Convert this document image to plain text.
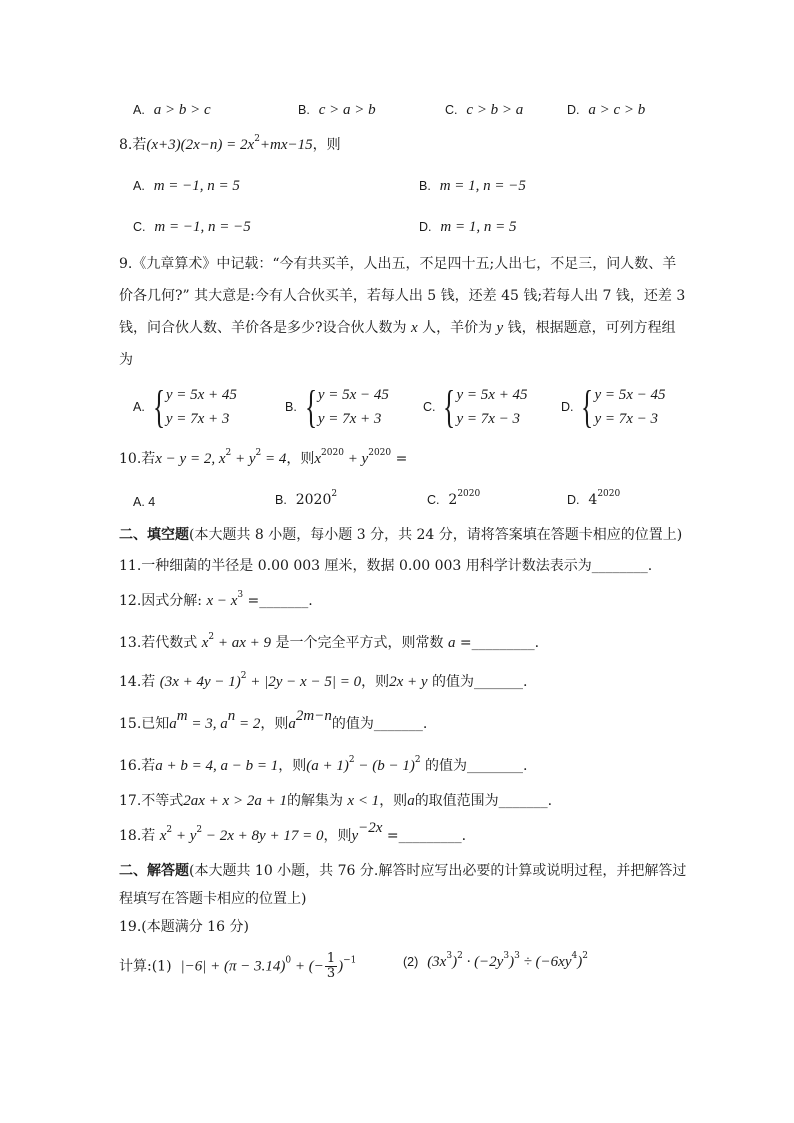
A. a > b > c	B. c > a > b	C. c > b > a	D. a > c > b
8.若$(x+3)(2x-n) = 2x^2+mx-15$，则
A. m = −1, n = 5	B. m = 1, n = −5
C. m = −1, n = −5	D. m = 1, n = 5
9.《九章算术》中记载：“今有共买羊，人出五，不足四十五;人出七，不足三，问人数、羊
价各几何?” 其大意是:今有人合伙买羊，若每人出 5 钱，还差 45 钱;若每人出 7 钱，还差 3
钱，问合伙人数、羊价各是多少?设合伙人数为 x 人，羊价为 y 钱，根据题意，可列方程组
为
A.
{ y = 5x + 45
y = 7x + 3
B.
{ y = 5x − 45
y = 7x + 3
C.
{ y = 5x + 45
y = 7x − 3
D.
{ y = 5x − 45
y = 7x − 3
10.若x − y = 2, $x^2 + y^2 = 4$，则$x^{2020} + y^{2020}$ =
A. 4	B. 2020$^2$	C. $2^{2020}$	D. $4^{2020}$
二、填空题(本大题共 8 小题，每小题 3 分，共 24 分，请将答案填在答题卡相应的位置上)
11.一种细菌的半径是 0.00 003 厘米，数据 0.00 003 用科学计数法表示为________.
12.因式分解: $x - x^3$ =_______.
13.若代数式 $x^2$ + ax + 9 是一个完全平方式，则常数 a =_________.
14.若 $(3x + 4y - 1)^2 + |2y - x - 5| = 0$，则2x + y 的值为_______.
15.已知$a^m = 3$, $a^n = 2$，则$a^{2m-n}$的值为_______.
16.若a + b = 4, a − b = 1，则$(a + 1)^2 - (b - 1)^2$ 的值为________.
17.不等式2ax + x > 2a + 1的解集为 x < 1，则a的取值范围为_______.
18.若 $x^2 + y^2 - 2x + 8y + 17 = 0$，则$y^{-2x}$ =_________.
二、解答题(本大题共 10 小题，共 76 分.解答时应写出必要的计算或说明过程，并把解答过
程填写在答题卡相应的位置上)
19.(本题满分 16 分)
计算:(1) $|-6| + (\pi - 3.14)^0$ + (− $\frac{1}{3} )^{-1}$	(2) $(3x^3)^2 \cdot (-2y^3)^3 \div (-6xy^4)^2$
